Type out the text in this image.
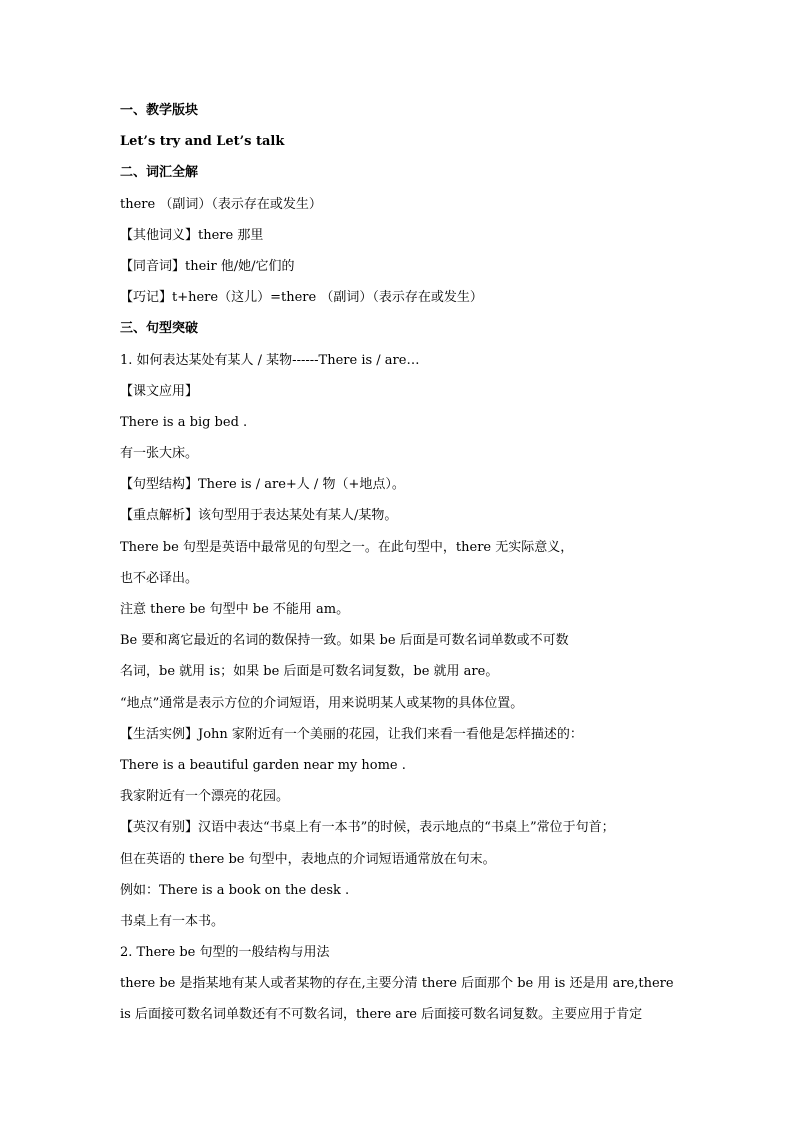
一、教学版块
Let’s try and Let’s talk
二、词汇全解
there （副词）（表示存在或发生）
【其他词义】there 那里
【同音词】their 他/她/它们的
【巧记】t+here（这儿）=there （副词）（表示存在或发生）
三、句型突破
1. 如何表达某处有某人 / 某物------There is / are…
【课文应用】
There is a big bed .
有一张大床。
【句型结构】There is / are+人 / 物（+地点）。
【重点解析】该句型用于表达某处有某人/某物。
There be 句型是英语中最常见的句型之一。在此句型中，there 无实际意义，
也不必译出。
注意 there be 句型中 be 不能用 am。
Be 要和离它最近的名词的数保持一致。如果 be 后面是可数名词单数或不可数
名词，be 就用 is；如果 be 后面是可数名词复数，be 就用 are。
“地点”通常是表示方位的介词短语，用来说明某人或某物的具体位置。
【生活实例】John 家附近有一个美丽的花园，让我们来看一看他是怎样描述的：
There is a beautiful garden near my home .
我家附近有一个漂亮的花园。
【英汉有别】汉语中表达“书桌上有一本书”的时候，表示地点的“书桌上”常位于句首；
但在英语的 there be 句型中，表地点的介词短语通常放在句末。
例如：There is a book on the desk .
书桌上有一本书。
2. There be 句型的一般结构与用法
there be 是指某地有某人或者某物的存在,主要分清 there 后面那个 be 用 is 还是用 are,there
is 后面接可数名词单数还有不可数名词，there are 后面接可数名词复数。主要应用于肯定
